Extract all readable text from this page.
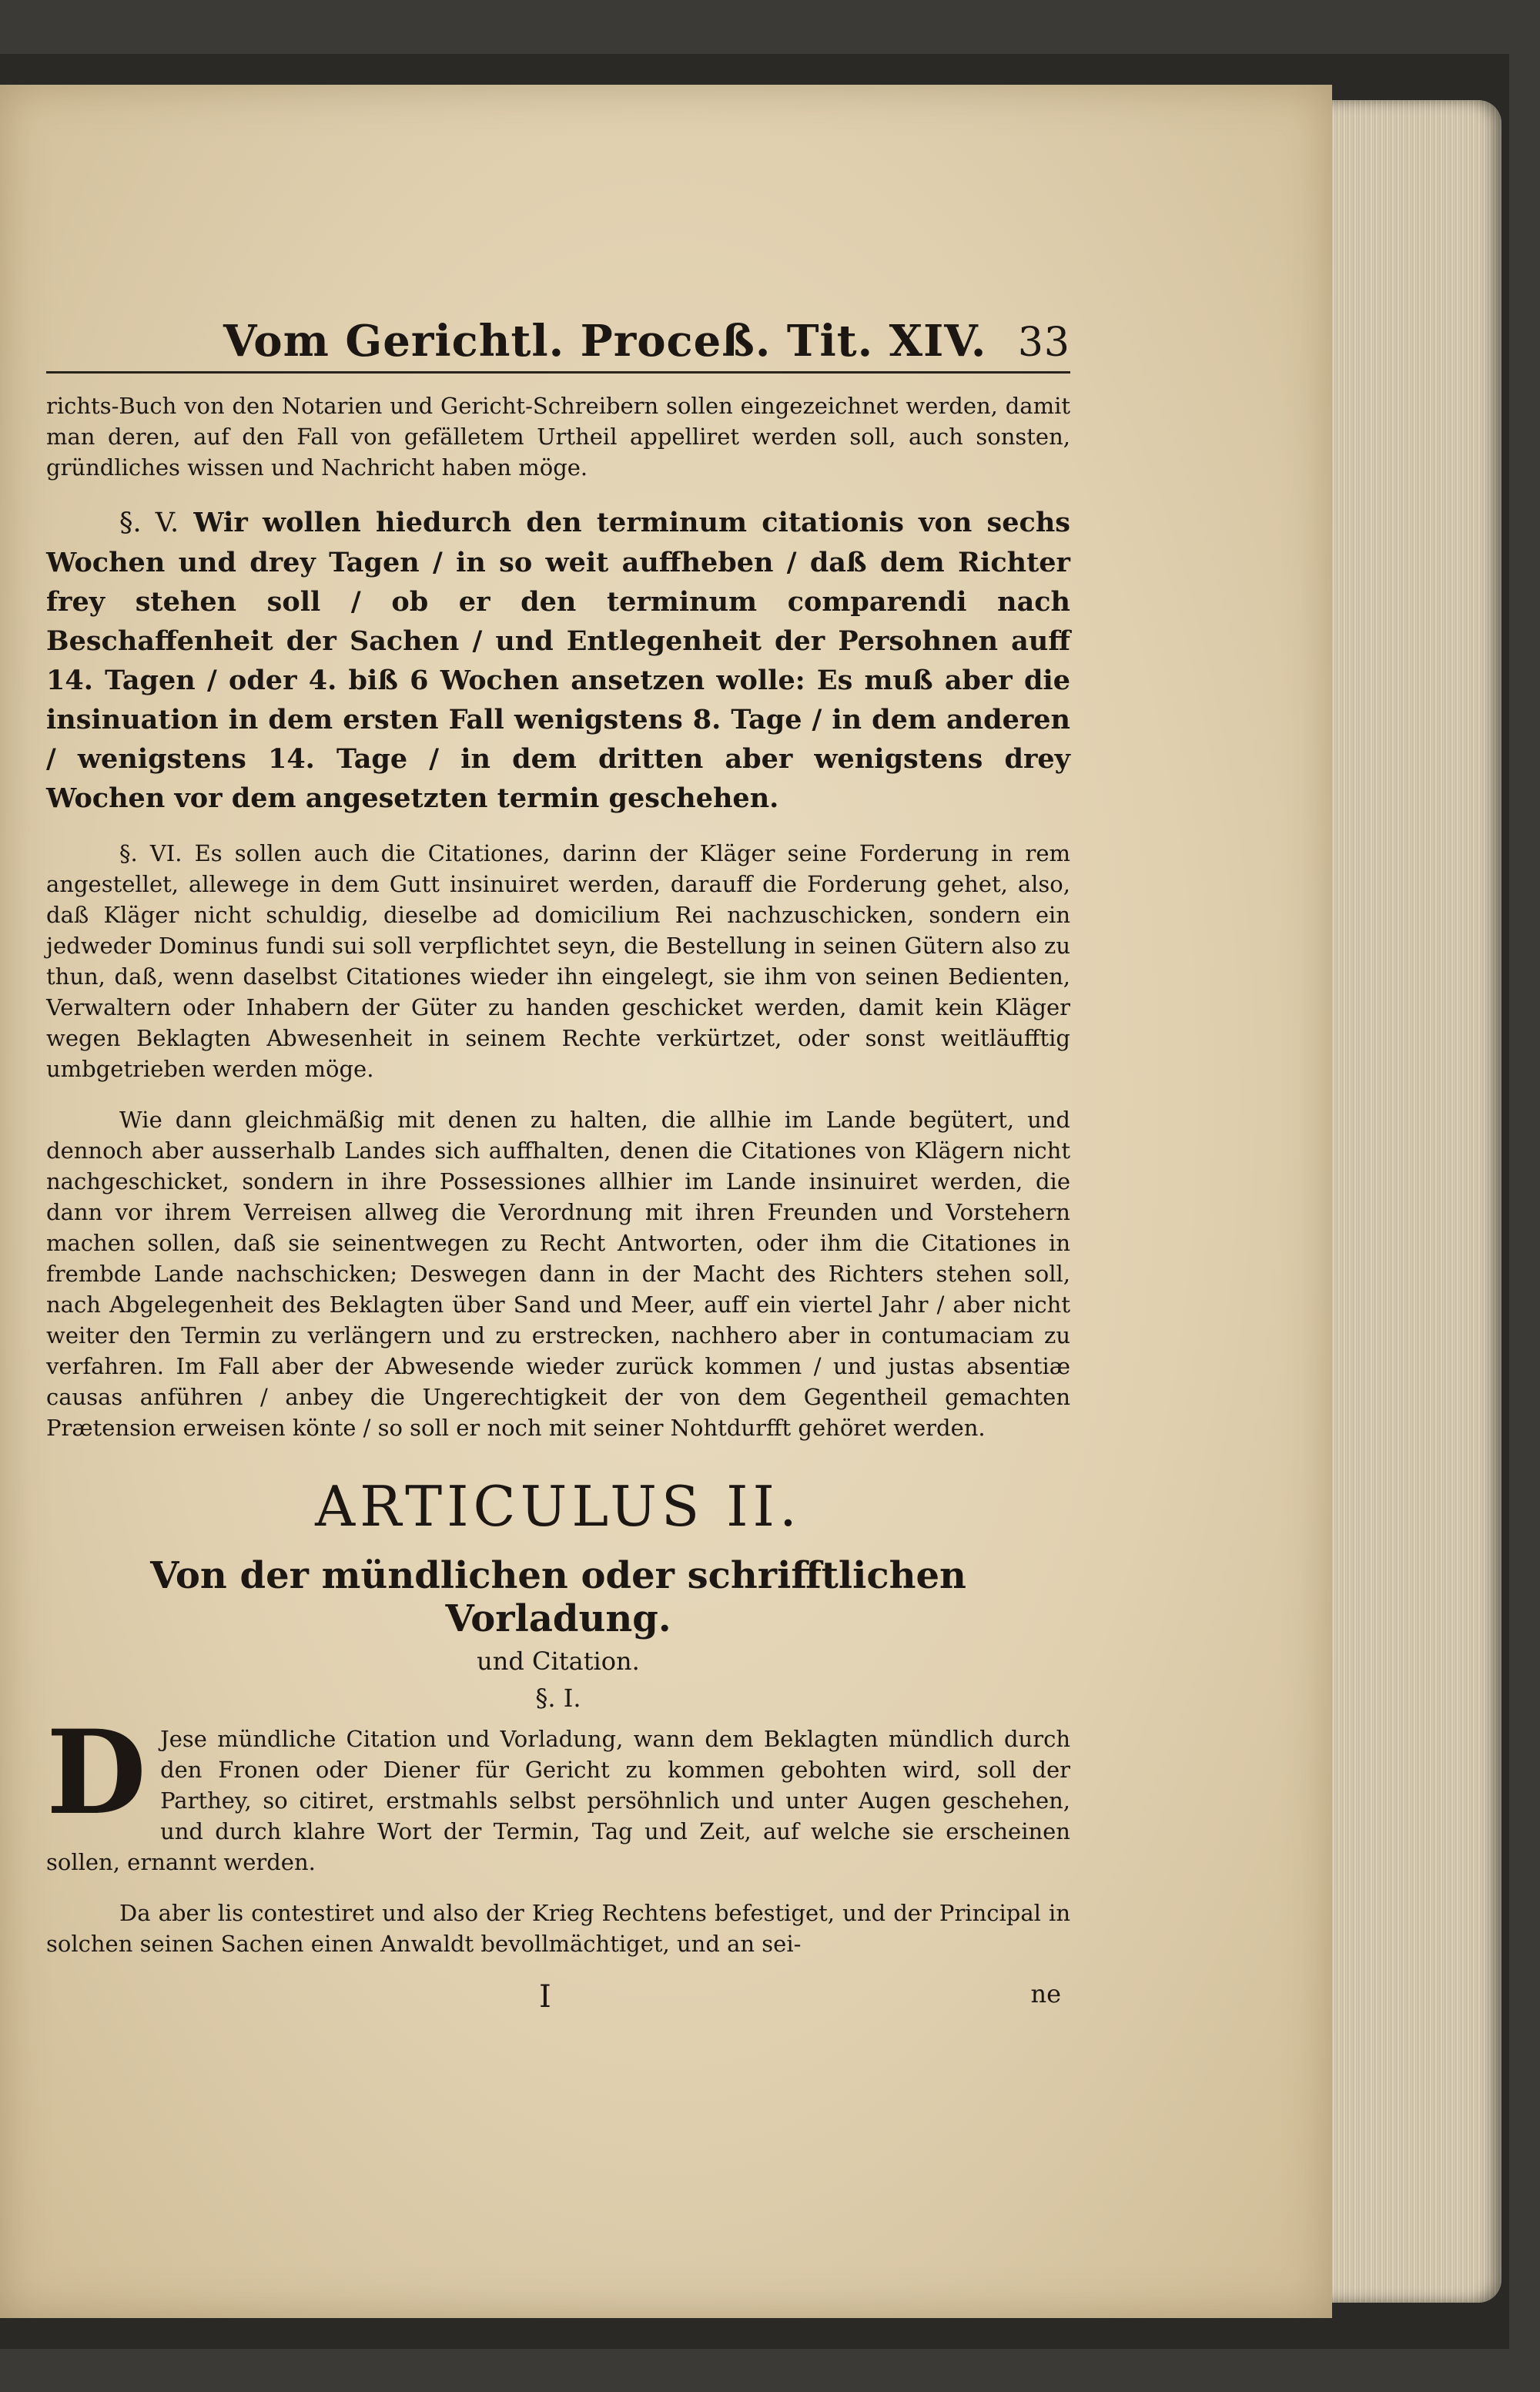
Vom Gerichtl. Proceß. Tit. XIV. 33

richts-Buch von den Notarien und Gericht-Schreibern sollen eingezeichnet werden, damit man deren, auf den Fall von gefälletem Urtheil appelliret werden soll, auch sonsten, gründliches wissen und Nachricht haben möge.

§. V. Wir wollen hiedurch den terminum citationis von sechs Wochen und drey Tagen / in so weit auffheben / daß dem Richter frey stehen soll / ob er den terminum comparendi nach Beschaffenheit der Sachen / und Entlegenheit der Persohnen auff 14. Tagen / oder 4. biß 6 Wochen ansetzen wolle: Es muß aber die insinuation in dem ersten Fall wenigstens 8. Tage / in dem anderen / wenigstens 14. Tage / in dem dritten aber wenigstens drey Wochen vor dem angesetzten termin geschehen.

§. VI. Es sollen auch die Citationes, darinn der Kläger seine Forderung in rem angestellet, allewege in dem Gutt insinuiret werden, darauff die Forderung gehet, also, daß Kläger nicht schuldig, dieselbe ad domicilium Rei nachzuschicken, sondern ein jedweder Dominus fundi sui soll verpflichtet seyn, die Bestellung in seinen Gütern also zu thun, daß, wenn daselbst Citationes wieder ihn eingelegt, sie ihm von seinen Bedienten, Verwaltern oder Inhabern der Güter zu handen geschicket werden, damit kein Kläger wegen Beklagten Abwesenheit in seinem Rechte verkürtzet, oder sonst weitläufftig umbgetrieben werden möge.

Wie dann gleichmäßig mit denen zu halten, die allhie im Lande begütert, und dennoch aber ausserhalb Landes sich auffhalten, denen die Citationes von Klägern nicht nachgeschicket, sondern in ihre Possessiones allhier im Lande insinuiret werden, die dann vor ihrem Verreisen allweg die Verordnung mit ihren Freunden und Vorstehern machen sollen, daß sie seinentwegen zu Recht Antworten, oder ihm die Citationes in frembde Lande nachschicken; Deswegen dann in der Macht des Richters stehen soll, nach Abgelegenheit des Beklagten über Sand und Meer, auff ein viertel Jahr / aber nicht weiter den Termin zu verlängern und zu erstrecken, nachhero aber in contumaciam zu verfahren. Im Fall aber der Abwesende wieder zurück kommen / und justas absentiæ causas anführen / anbey die Ungerechtigkeit der von dem Gegentheil gemachten Prætension erweisen könte / so soll er noch mit seiner Nohtdurfft gehöret werden.

ARTICULUS II.
Von der mündlichen oder schrifftlichen Vorladung.
und Citation.
§. I.

D Jese mündliche Citation und Vorladung, wann dem Beklagten mündlich durch den Fronen oder Diener für Gericht zu kommen gebohten wird, soll der Parthey, so citiret, erstmahls selbst persöhnlich und unter Augen geschehen, und durch klahre Wort der Termin, Tag und Zeit, auf welche sie erscheinen sollen, ernannt werden.

Da aber lis contestiret und also der Krieg Rechtens befestiget, und der Principal in solchen seinen Sachen einen Anwaldt bevollmächtiget, und an sei-

I	ne
